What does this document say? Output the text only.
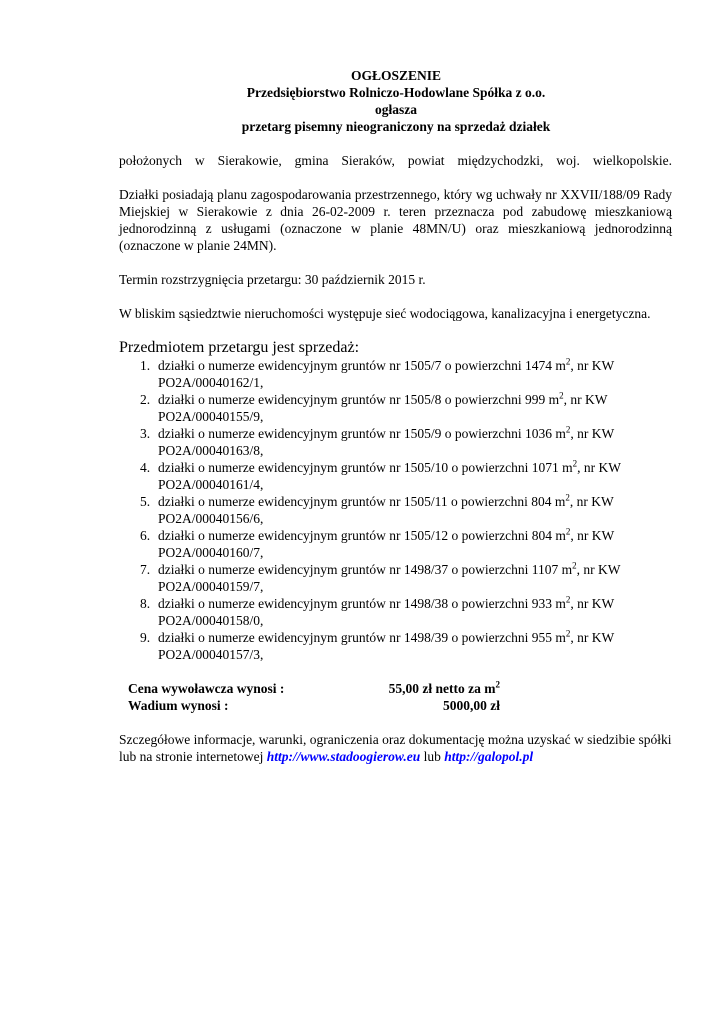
OGŁOSZENIE
Przedsiębiorstwo Rolniczo-Hodowlane Spółka z o.o.
ogłasza
przetarg pisemny nieograniczony na sprzedaż działek

położonych w Sierakowie, gmina Sieraków, powiat międzychodzki, woj. wielkopolskie.

Działki posiadają planu zagospodarowania przestrzennego, który wg uchwały nr XXVII/188/09 Rady Miejskiej w Sierakowie z dnia 26-02-2009 r. teren przeznacza pod zabudowę mieszkaniową jednorodzinną z usługami (oznaczone w planie 48MN/U) oraz mieszkaniową jednorodzinną (oznaczone w planie 24MN).

Termin rozstrzygnięcia przetargu: 30 październik 2015 r.

W bliskim sąsiedztwie nieruchomości występuje sieć wodociągowa, kanalizacyjna i energetyczna.

Przedmiotem przetargu jest sprzedaż:
1. działki o numerze ewidencyjnym gruntów nr 1505/7 o powierzchni 1474 $m^2$, nr KW
PO2A/00040162/1,
2. działki o numerze ewidencyjnym gruntów nr 1505/8 o powierzchni 999 $m^2$, nr KW
PO2A/00040155/9,
3. działki o numerze ewidencyjnym gruntów nr 1505/9 o powierzchni 1036 $m^2$, nr KW
PO2A/00040163/8,
4. działki o numerze ewidencyjnym gruntów nr 1505/10 o powierzchni 1071 $m^2$, nr KW
PO2A/00040161/4,
5. działki o numerze ewidencyjnym gruntów nr 1505/11 o powierzchni 804 $m^2$, nr KW
PO2A/00040156/6,
6. działki o numerze ewidencyjnym gruntów nr 1505/12 o powierzchni 804 $m^2$, nr KW
PO2A/00040160/7,
7. działki o numerze ewidencyjnym gruntów nr 1498/37 o powierzchni 1107 $m^2$, nr KW
PO2A/00040159/7,
8. działki o numerze ewidencyjnym gruntów nr 1498/38 o powierzchni 933 $m^2$, nr KW
PO2A/00040158/0,
9. działki o numerze ewidencyjnym gruntów nr 1498/39 o powierzchni 955 $m^2$, nr KW
PO2A/00040157/3,
Cena wywoławcza wynosi :	55,00 zł netto za $m^2$
Wadium wynosi :	5000,00 zł

Szczegółowe informacje, warunki, ograniczenia oraz dokumentację można uzyskać w siedzibie spółki lub na stronie internetowej http://www.stadoogierow.eu lub http://galopol.pl
